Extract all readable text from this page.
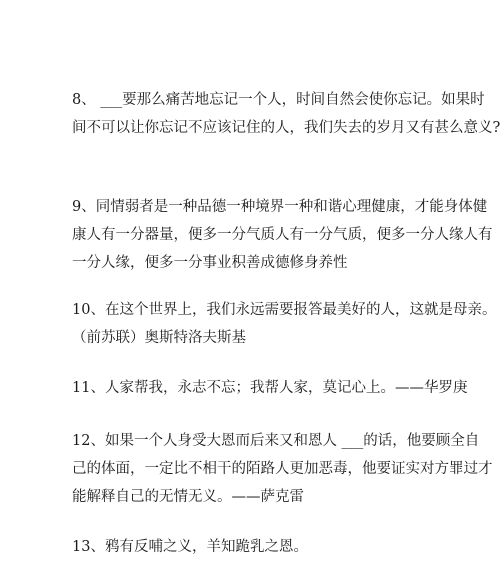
8、 ___要那么痛苦地忘记一个人，时间自然会使你忘记。如果时
间不可以让你忘记不应该记住的人，我们失去的岁月又有甚么意义?

9、同情弱者是一种品德一种境界一种和谐心理健康，才能身体健
康人有一分器量，便多一分气质人有一分气质，便多一分人缘人有
一分人缘，便多一分事业积善成德修身养性

10、在这个世界上，我们永远需要报答最美好的人，这就是母亲。
（前苏联）奥斯特洛夫斯基

11、人家帮我，永志不忘；我帮人家，莫记心上。——华罗庚

12、如果一个人身受大恩而后来又和恩人 ___的话，他要顾全自
己的体面，一定比不相干的陌路人更加恶毒，他要证实对方罪过才
能解释自己的无情无义。——萨克雷

13、鸦有反哺之义，羊知跪乳之恩。
